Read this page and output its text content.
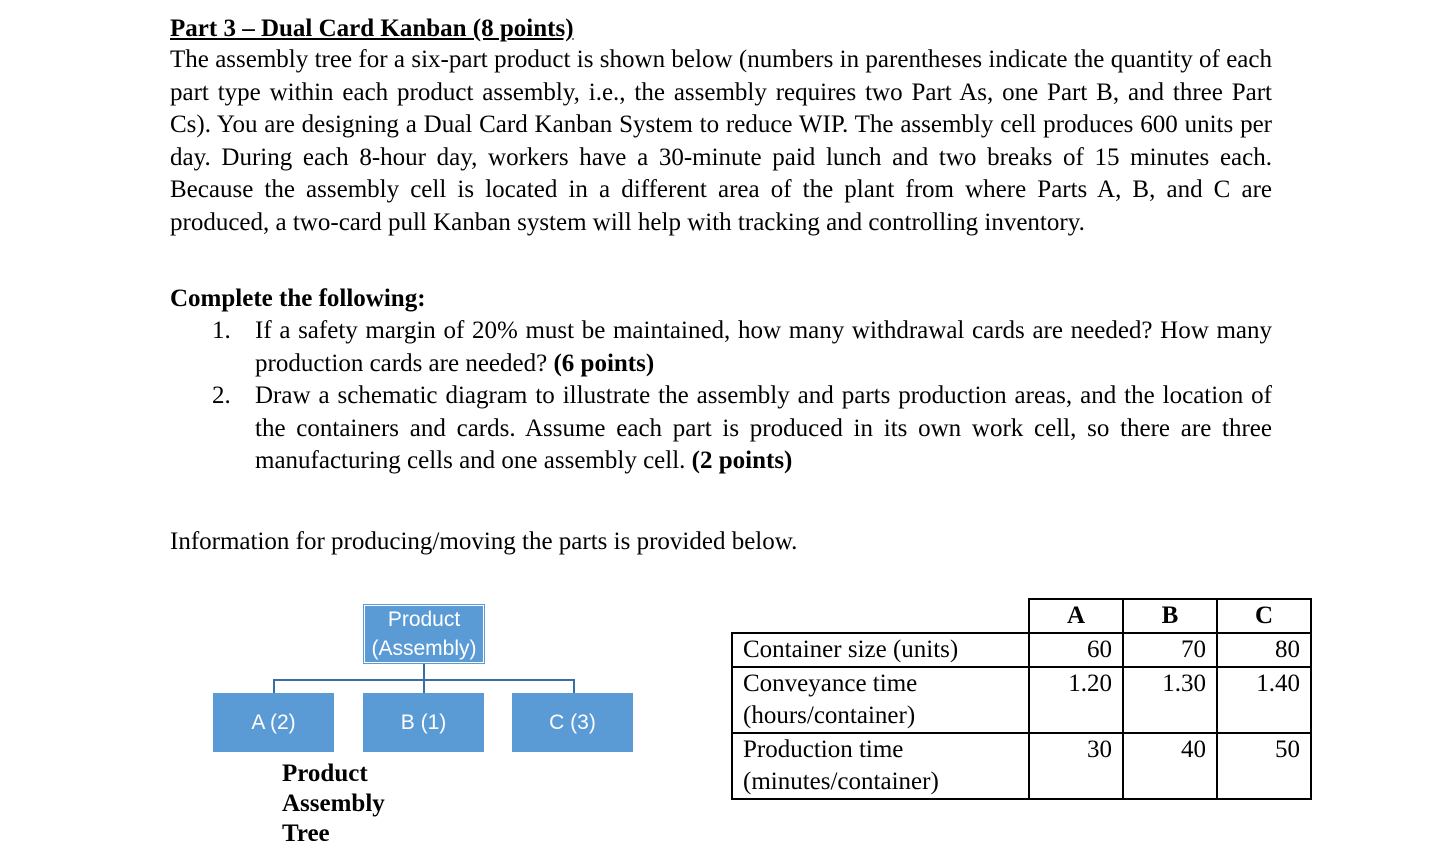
Part 3 – Dual Card Kanban (8 points)

The assembly tree for a six-part product is shown below (numbers in parentheses indicate the quantity of each part type within each product assembly, i.e., the assembly requires two Part As, one Part B, and three Part Cs). You are designing a Dual Card Kanban System to reduce WIP. The assembly cell produces 600 units per day. During each 8-hour day, workers have a 30-minute paid lunch and two breaks of 15 minutes each. Because the assembly cell is located in a different area of the plant from where Parts A, B, and C are produced, a two-card pull Kanban system will help with tracking and controlling inventory.

Complete the following:

1. If a safety margin of 20% must be maintained, how many withdrawal cards are needed? How many production cards are needed? (6 points)
2. Draw a schematic diagram to illustrate the assembly and parts production areas, and the location of the containers and cards. Assume each part is produced in its own work cell, so there are three manufacturing cells and one assembly cell. (2 points)

Information for producing/moving the parts is provided below.

Product (Assembly)
A (2)	B (1)	C (3)
Product Assembly Tree
	A	B	C
Container size (units)	60	70	80
Conveyance time (hours/container)	1.20	1.30	1.40
Production time (minutes/container)	30	40	50
